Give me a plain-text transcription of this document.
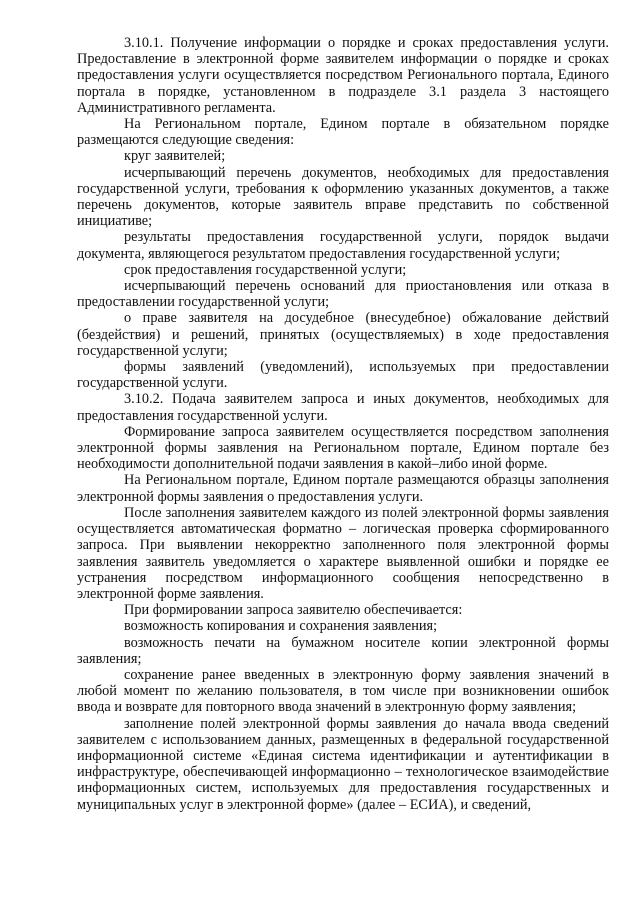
3.10.1. Получение информации о порядке и сроках предоставления услуги. Предоставление в электронной форме заявителем информации о порядке и сроках предоставления услуги осуществляется посредством Регионального портала, Единого портала в порядке, установленном в подразделе 3.1 раздела 3 настоящего Административного регламента.

На Региональном портале, Едином портале в обязательном порядке размещаются следующие сведения:

круг заявителей;

исчерпывающий перечень документов, необходимых для предоставления государственной услуги, требования к оформлению указанных документов, а также перечень документов, которые заявитель вправе представить по собственной инициативе;

результаты предоставления государственной услуги, порядок выдачи документа, являющегося результатом предоставления государственной услуги;

срок предоставления государственной услуги;

исчерпывающий перечень оснований для приостановления или отказа в предоставлении государственной услуги;

о праве заявителя на досудебное (внесудебное) обжалование действий (бездействия) и решений, принятых (осуществляемых) в ходе предоставления государственной услуги;

формы заявлений (уведомлений), используемых при предоставлении государственной услуги.

3.10.2. Подача заявителем запроса и иных документов, необходимых для предоставления государственной услуги.

Формирование запроса заявителем осуществляется посредством заполнения электронной формы заявления на Региональном портале, Едином портале без необходимости дополнительной подачи заявления в какой–либо иной форме.

На Региональном портале, Едином портале размещаются образцы заполнения электронной формы заявления о предоставления услуги.

После заполнения заявителем каждого из полей электронной формы заявления осуществляется автоматическая форматно – логическая проверка сформированного запроса. При выявлении некорректно заполненного поля электронной формы заявления заявитель уведомляется о характере выявленной ошибки и порядке ее устранения посредством информационного сообщения непосредственно в электронной форме заявления.

При формировании запроса заявителю обеспечивается:

возможность копирования и сохранения заявления;

возможность печати на бумажном носителе копии электронной формы заявления;

сохранение ранее введенных в электронную форму заявления значений в любой момент по желанию пользователя, в том числе при возникновении ошибок ввода и возврате для повторного ввода значений в электронную форму заявления;

заполнение полей электронной формы заявления до начала ввода сведений заявителем с использованием данных, размещенных в федеральной государственной информационной системе «Единая система идентификации и аутентификации в инфраструктуре, обеспечивающей информационно – технологическое взаимодействие информационных систем, используемых для предоставления государственных и муниципальных услуг в электронной форме» (далее – ЕСИА), и сведений,
